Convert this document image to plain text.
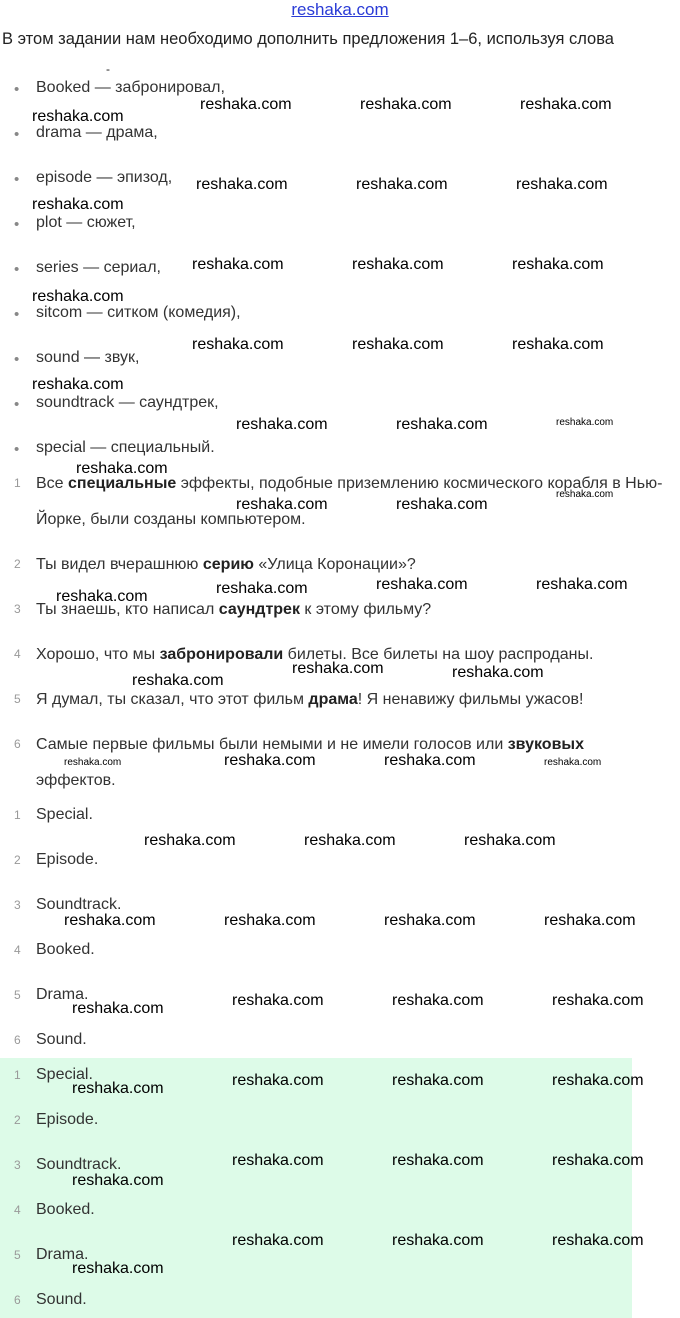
reshaka.com
В этом задании нам необходимо дополнить предложения 1–6, используя слова
-
• Booked — забронировал,
• drama — драма,
• episode — эпизод,
• plot — сюжет,
• series — сериал,
• sitcom — ситком (комедия),
• sound — звук,
• soundtrack — саундтрек,
• special — специальный.
1 Все специальные эффекты, подобные приземлению космического корабля в Нью-Йорке, были созданы компьютером.
2 Ты видел вчерашнюю серию «Улица Коронации»?
3 Ты знаешь, кто написал саундтрек к этому фильму?
4 Хорошо, что мы забронировали билеты. Все билеты на шоу распроданы.
5 Я думал, ты сказал, что этот фильм драма! Я ненавижу фильмы ужасов!
6 Самые первые фильмы были немыми и не имели голосов или звуковых эффектов.
1 Special.
2 Episode.
3 Soundtrack.
4 Booked.
5 Drama.
6 Sound.
1 Special.
2 Episode.
3 Soundtrack.
4 Booked.
5 Drama.
6 Sound.
reshaka.com	reshaka.com	reshaka.com
reshaka.com
reshaka.com	reshaka.com	reshaka.com
reshaka.com
reshaka.com	reshaka.com	reshaka.com
reshaka.com
reshaka.com	reshaka.com	reshaka.com
reshaka.com
reshaka.com	reshaka.com	reshaka.com
reshaka.com
reshaka.com	reshaka.com
reshaka.com
reshaka.com	reshaka.com	reshaka.com
reshaka.com
reshaka.com	reshaka.com
reshaka.com
reshaka.com	reshaka.com	reshaka.com	reshaka.com
reshaka.com	reshaka.com	reshaka.com
reshaka.com	reshaka.com	reshaka.com	reshaka.com
reshaka.com	reshaka.com	reshaka.com
reshaka.com
reshaka.com	reshaka.com	reshaka.com
reshaka.com
reshaka.com	reshaka.com	reshaka.com
reshaka.com
reshaka.com	reshaka.com	reshaka.com
reshaka.com
